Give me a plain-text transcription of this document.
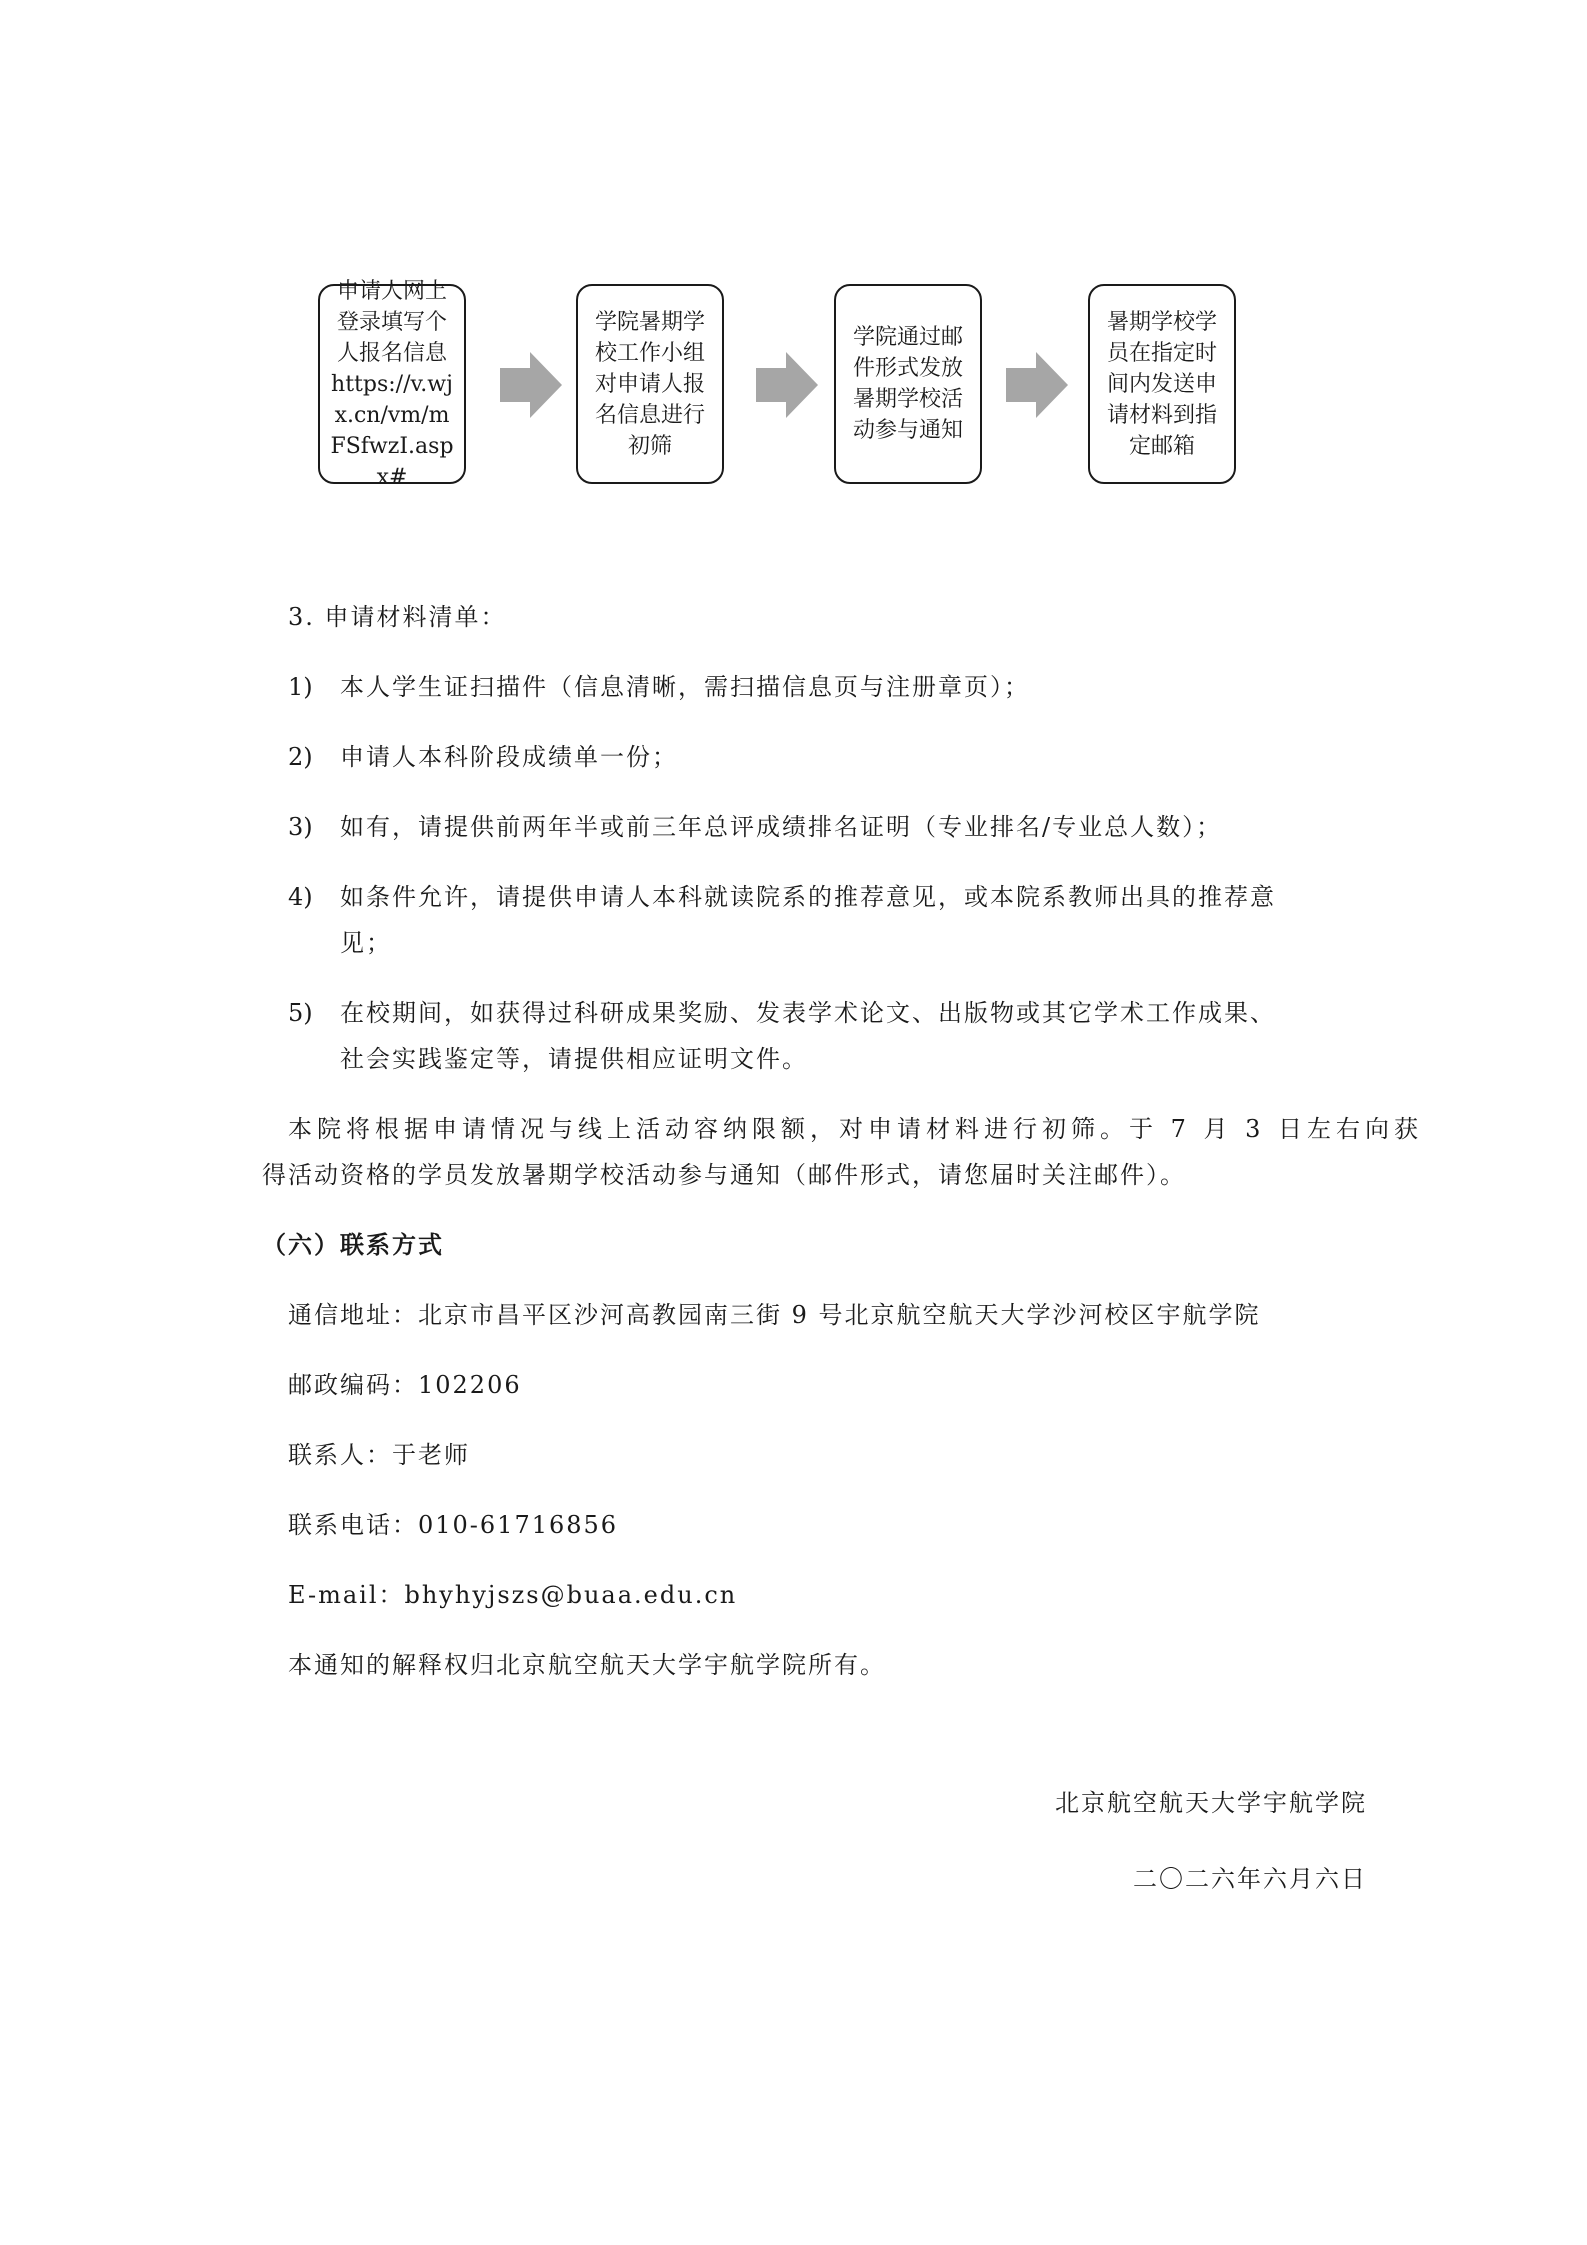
申请人网上登录填写个人报名信息https://v.wjx.cn/vm/mFSfwzI.aspx#
学院暑期学校工作小组对申请人报名信息进行初筛
学院通过邮件形式发放暑期学校活动参与通知
暑期学校学员在指定时间内发送申请材料到指定邮箱
3. 申请材料清单：
1) 本人学生证扫描件（信息清晰，需扫描信息页与注册章页）；
2) 申请人本科阶段成绩单一份；
3) 如有，请提供前两年半或前三年总评成绩排名证明（专业排名/专业总人数）；
4) 如条件允许，请提供申请人本科就读院系的推荐意见，或本院系教师出具的推荐意
见；
5) 在校期间，如获得过科研成果奖励、发表学术论文、出版物或其它学术工作成果、
社会实践鉴定等，请提供相应证明文件。
本院将根据申请情况与线上活动容纳限额，对申请材料进行初筛。于 7 月 3 日左右向获
得活动资格的学员发放暑期学校活动参与通知（邮件形式，请您届时关注邮件）。
（六）联系方式
通信地址：北京市昌平区沙河高教园南三街 9 号北京航空航天大学沙河校区宇航学院
邮政编码：102206
联系人：于老师
联系电话：010-61716856
E-mail：bhyhyjszs@buaa.edu.cn
本通知的解释权归北京航空航天大学宇航学院所有。
北京航空航天大学宇航学院
二〇二六年六月六日
